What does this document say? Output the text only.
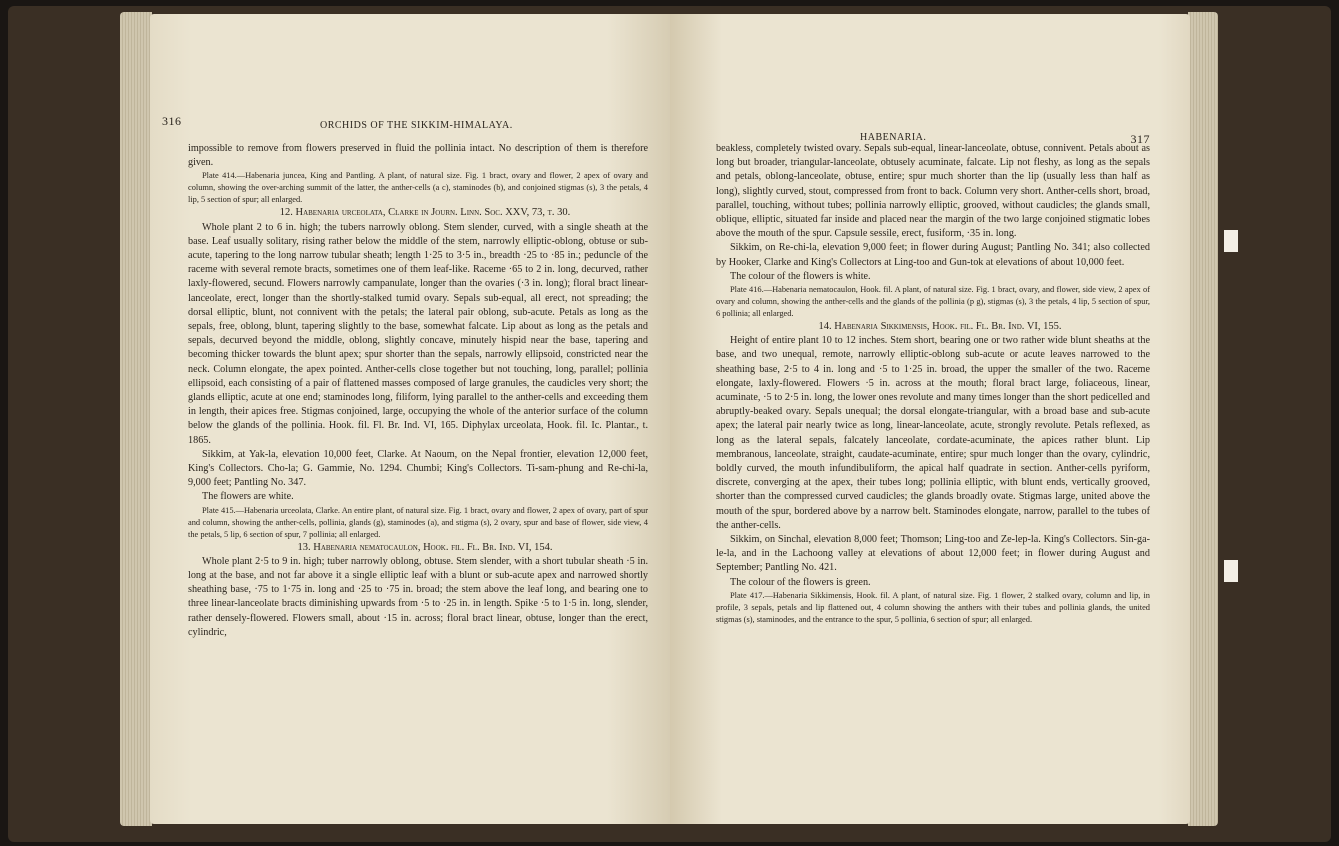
316	ORCHIDS OF THE SIKKIM-HIMALAYA.

impossible to remove from flowers preserved in fluid the pollinia intact. No description of them is therefore given.

Plate 414.—Habenaria juncea, King and Pantling. A plant, of natural size. Fig. 1 bract, ovary and flower, 2 apex of ovary and column, showing the over-arching summit of the latter, the anther-cells (a c), staminodes (b), and conjoined stigmas (s), 3 the petals, 4 lip, 5 section of spur; all enlarged.

12. Habenaria urceolata, Clarke in Journ. Linn. Soc. XXV, 73, t. 30.

Whole plant 2 to 6 in. high; the tubers narrowly oblong. Stem slender, curved, with a single sheath at the base. Leaf usually solitary, rising rather below the middle of the stem, narrowly elliptic-oblong, obtuse or sub-acute, tapering to the long narrow tubular sheath; length 1·25 to 3·5 in., breadth ·25 to ·85 in.; peduncle of the raceme with several remote bracts, sometimes one of them leaf-like. Raceme ·65 to 2 in. long, decurved, rather laxly-flowered, secund. Flowers narrowly campanulate, longer than the ovaries (·3 in. long); floral bract linear-lanceolate, erect, longer than the shortly-stalked tumid ovary. Sepals sub-equal, all erect, not spreading; the dorsal elliptic, blunt, not connivent with the petals; the lateral pair oblong, sub-acute. Petals as long as the sepals, free, oblong, blunt, tapering slightly to the base, somewhat falcate. Lip about as long as the petals and sepals, decurved beyond the middle, oblong, slightly concave, minutely hispid near the base, tapering and becoming thicker towards the blunt apex; spur shorter than the sepals, narrowly ellipsoid, constricted near the neck. Column elongate, the apex pointed. Anther-cells close together but not touching, long, parallel; pollinia ellipsoid, each consisting of a pair of flattened masses composed of large granules, the caudicles very short; the glands elliptic, acute at one end; staminodes long, filiform, lying parallel to the anther-cells and exceeding them in length, their apices free. Stigmas conjoined, large, occupying the whole of the anterior surface of the column below the glands of the pollinia. Hook. fil. Fl. Br. Ind. VI, 165. Diphylax urceolata, Hook. fil. Ic. Plantar., t. 1865.

Sikkim, at Yak-la, elevation 10,000 feet, Clarke. At Naoum, on the Nepal frontier, elevation 12,000 feet, King's Collectors. Cho-la; G. Gammie, No. 1294. Chumbi; King's Collectors. Ti-sam-phung and Re-chi-la, 9,000 feet; Pantling No. 347.

The flowers are white.

Plate 415.—Habenaria urceolata, Clarke. An entire plant, of natural size. Fig. 1 bract, ovary and flower, 2 apex of ovary, part of spur and column, showing the anther-cells, pollinia, glands (g), staminodes (a), and stigma (s), 2 ovary, spur and base of flower, side view, 4 the petals, 5 lip, 6 section of spur, 7 pollinia; all enlarged.

13. Habenaria nematocaulon, Hook. fil. Fl. Br. Ind. VI, 154.

Whole plant 2·5 to 9 in. high; tuber narrowly oblong, obtuse. Stem slender, with a short tubular sheath ·5 in. long at the base, and not far above it a single elliptic leaf with a blunt or sub-acute apex and narrowed shortly sheathing base, ·75 to 1·75 in. long and ·25 to ·75 in. broad; the stem above the leaf long, and bearing one to three linear-lanceolate bracts diminishing upwards from ·5 to ·25 in. in length. Spike ·5 to 1·5 in. long, slender, rather densely-flowered. Flowers small, about ·15 in. across; floral bract linear, obtuse, longer than the erect, cylindric,

HABENARIA.	317

beakless, completely twisted ovary. Sepals sub-equal, linear-lanceolate, obtuse, connivent. Petals about as long but broader, triangular-lanceolate, obtusely acuminate, falcate. Lip not fleshy, as long as the sepals and petals, oblong-lanceolate, obtuse, entire; spur much shorter than the lip (usually less than half as long), slightly curved, stout, compressed from front to back. Column very short. Anther-cells short, broad, parallel, touching, without tubes; pollinia narrowly elliptic, grooved, without caudicles; the glands small, oblique, elliptic, situated far inside and placed near the margin of the two large conjoined stigmatic lobes above the mouth of the spur. Capsule sessile, erect, fusiform, ·35 in. long.

Sikkim, on Re-chi-la, elevation 9,000 feet; in flower during August; Pantling No. 341; also collected by Hooker, Clarke and King's Collectors at Ling-too and Gun-tok at elevations of about 10,000 feet.

The colour of the flowers is white.

Plate 416.—Habenaria nematocaulon, Hook. fil. A plant, of natural size. Fig. 1 bract, ovary, and flower, side view, 2 apex of ovary and column, showing the anther-cells and the glands of the pollinia (p g), stigmas (s), 3 the petals, 4 lip, 5 section of spur, 6 pollinia; all enlarged.

14. Habenaria Sikkimensis, Hook. fil. Fl. Br. Ind. VI, 155.

Height of entire plant 10 to 12 inches. Stem short, bearing one or two rather wide blunt sheaths at the base, and two unequal, remote, narrowly elliptic-oblong sub-acute or acute leaves narrowed to the sheathing base, 2·5 to 4 in. long and ·5 to 1·25 in. broad, the upper the smaller of the two. Raceme elongate, laxly-flowered. Flowers ·5 in. across at the mouth; floral bract large, foliaceous, linear, acuminate, ·5 to 2·5 in. long, the lower ones revolute and many times longer than the short pedicelled and abruptly-beaked ovary. Sepals unequal; the dorsal elongate-triangular, with a broad base and sub-acute apex; the lateral pair nearly twice as long, linear-lanceolate, acute, strongly revolute. Petals reflexed, as long as the lateral sepals, falcately lanceolate, cordate-acuminate, the apices rather blunt. Lip membranous, lanceolate, straight, caudate-acuminate, entire; spur much longer than the ovary, cylindric, boldly curved, the mouth infundibuliform, the apical half quadrate in section. Anther-cells pyriform, discrete, converging at the apex, their tubes long; pollinia elliptic, with blunt ends, vertically grooved, shorter than the compressed curved caudicles; the glands broadly ovate. Stigmas large, united above the mouth of the spur, bordered above by a narrow belt. Staminodes elongate, narrow, parallel to the tubes of the anther-cells.

Sikkim, on Sinchal, elevation 8,000 feet; Thomson; Ling-too and Ze-lep-la. King's Collectors. Sin-ga-le-la, and in the Lachoong valley at elevations of about 12,000 feet; in flower during August and September; Pantling No. 421.

The colour of the flowers is green.

Plate 417.—Habenaria Sikkimensis, Hook. fil. A plant, of natural size. Fig. 1 flower, 2 stalked ovary, column and lip, in profile, 3 sepals, petals and lip flattened out, 4 column showing the anthers with their tubes and pollinia glands, the united stigmas (s), staminodes, and the entrance to the spur, 5 pollinia, 6 section of spur; all enlarged.
